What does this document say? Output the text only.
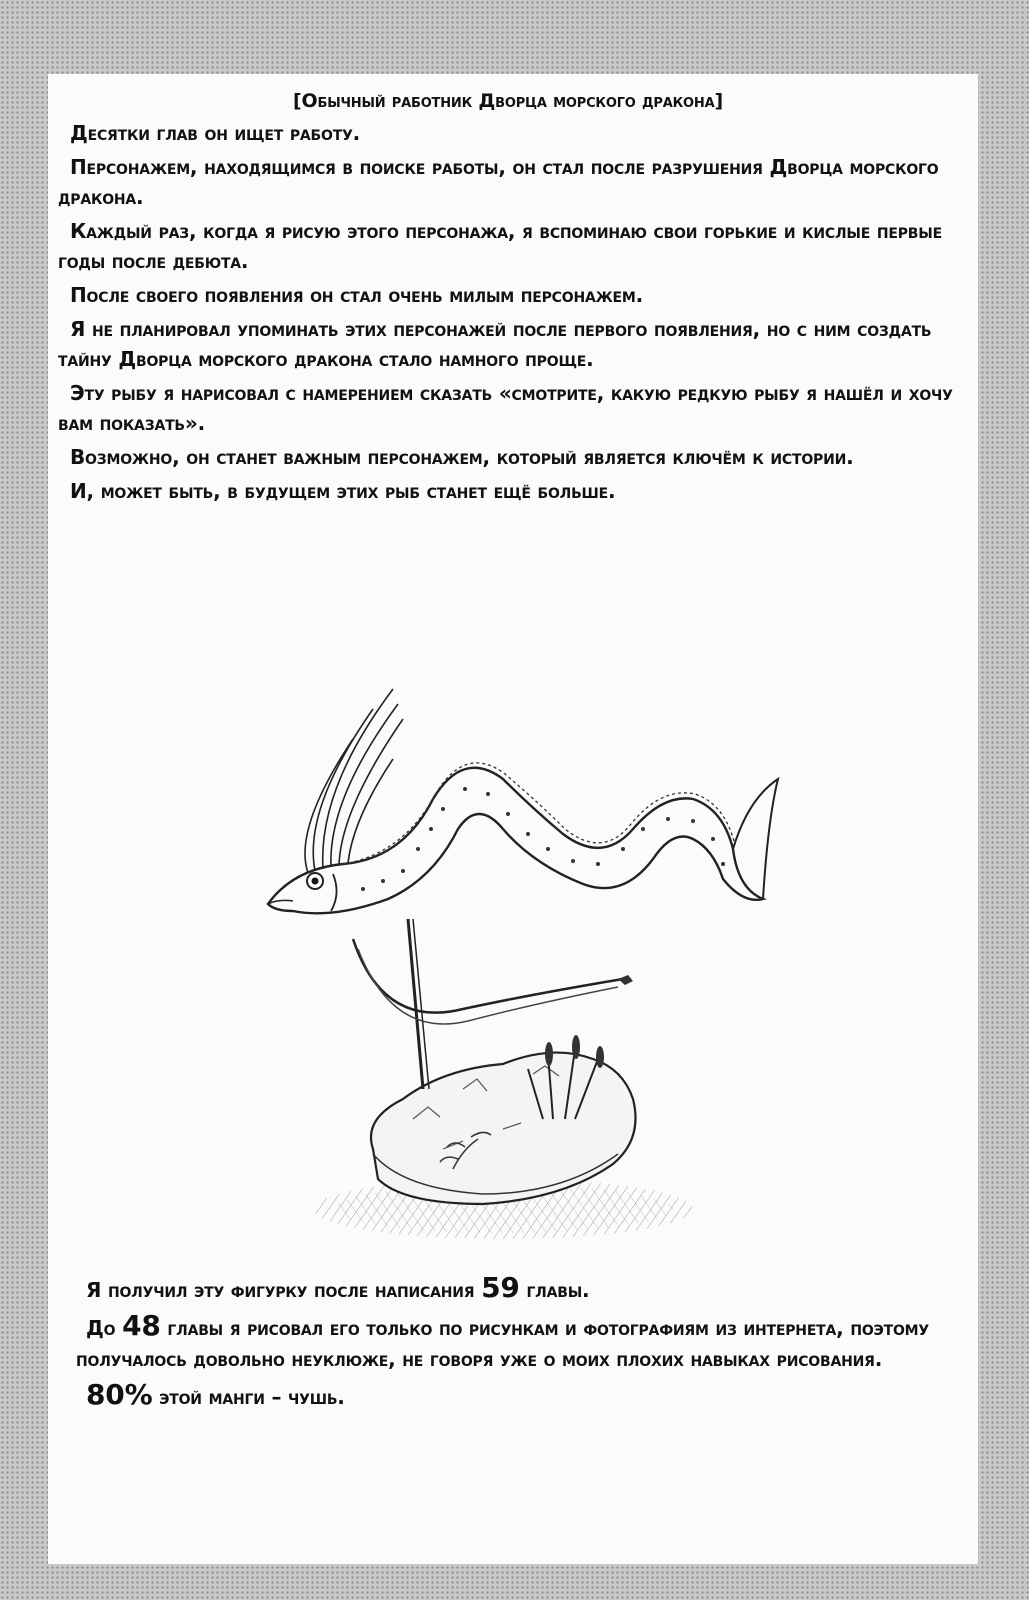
[Обычный работник Дворца морского дракона]

Десятки глав он ищет работу.

Персонажем, находящимся в поиске работы, он стал после разрушения Дворца морского дракона.

Каждый раз, когда я рисую этого персонажа, я вспоминаю свои горькие и кислые первые годы после дебюта.

После своего появления он стал очень милым персонажем.

Я не планировал упоминать этих персонажей после первого появления, но с ним создать тайну Дворца морского дракона стало намного проще.

Эту рыбу я нарисовал с намерением сказать «смотрите, какую редкую рыбу я нашёл и хочу вам показать».

Возможно, он станет важным персонажем, который является ключём к истории.

И, может быть, в будущем этих рыб станет ещё больше.

Я получил эту фигурку после написания 59 главы.

До 48 главы я рисовал его только по рисункам и фотографиям из интернета, поэтому получалось довольно неуклюже, не говоря уже о моих плохих навыках рисования.

80% этой манги – чушь.
